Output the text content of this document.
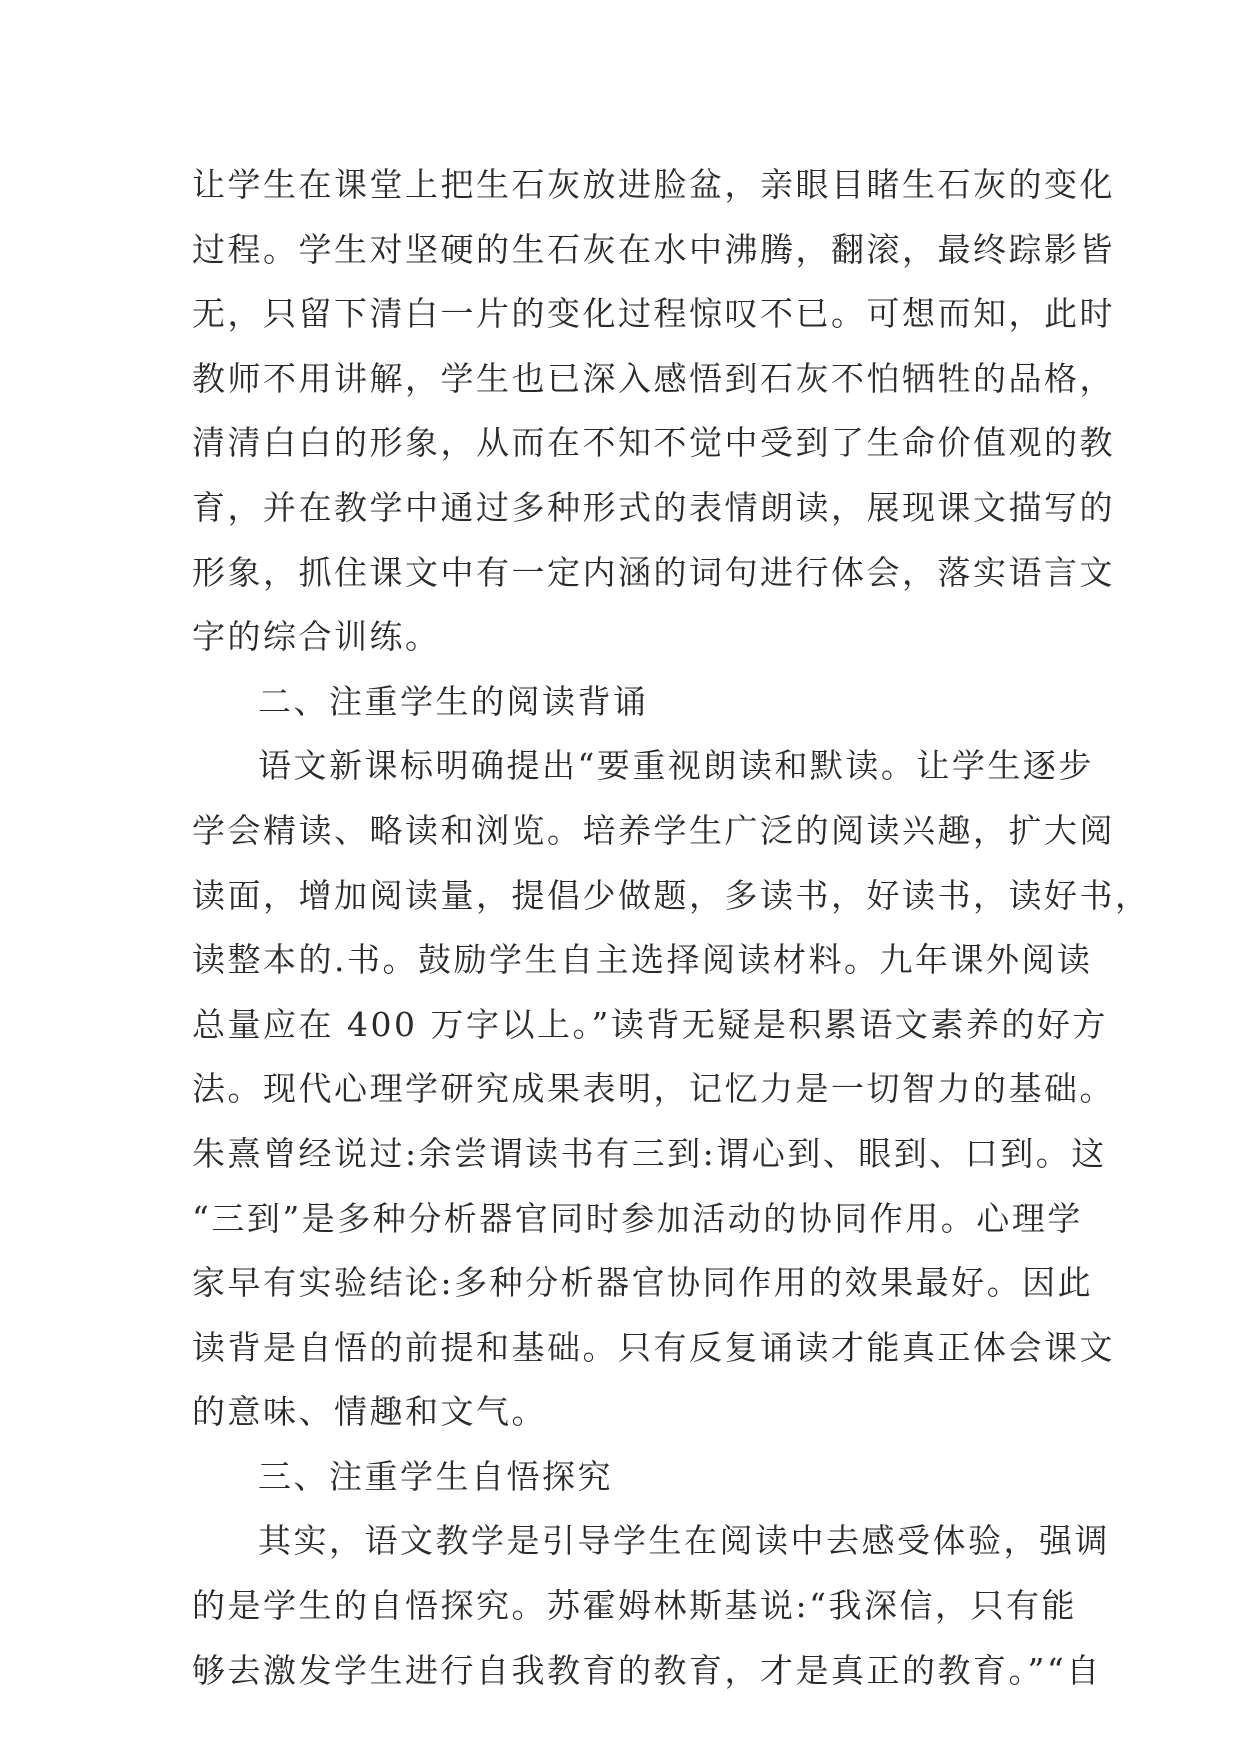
让学生在课堂上把生石灰放进脸盆，亲眼目睹生石灰的变化
过程。学生对坚硬的生石灰在水中沸腾，翻滚，最终踪影皆
无，只留下清白一片的变化过程惊叹不已。可想而知，此时
教师不用讲解，学生也已深入感悟到石灰不怕牺牲的品格，
清清白白的形象，从而在不知不觉中受到了生命价值观的教
育，并在教学中通过多种形式的表情朗读，展现课文描写的
形象，抓住课文中有一定内涵的词句进行体会，落实语言文
字的综合训练。
二、注重学生的阅读背诵
语文新课标明确提出“要重视朗读和默读。让学生逐步
学会精读、略读和浏览。培养学生广泛的阅读兴趣，扩大阅
读面，增加阅读量，提倡少做题，多读书，好读书，读好书，
读整本的.书。鼓励学生自主选择阅读材料。九年课外阅读
总量应在 400 万字以上。”读背无疑是积累语文素养的好方
法。现代心理学研究成果表明，记忆力是一切智力的基础。
朱熹曾经说过:余尝谓读书有三到:谓心到、眼到、口到。这
“三到”是多种分析器官同时参加活动的协同作用。心理学
家早有实验结论:多种分析器官协同作用的效果最好。因此
读背是自悟的前提和基础。只有反复诵读才能真正体会课文
的意味、情趣和文气。
三、注重学生自悟探究
其实，语文教学是引导学生在阅读中去感受体验，强调
的是学生的自悟探究。苏霍姆林斯基说:“我深信，只有能
够去激发学生进行自我教育的教育，才是真正的教育。”“自
